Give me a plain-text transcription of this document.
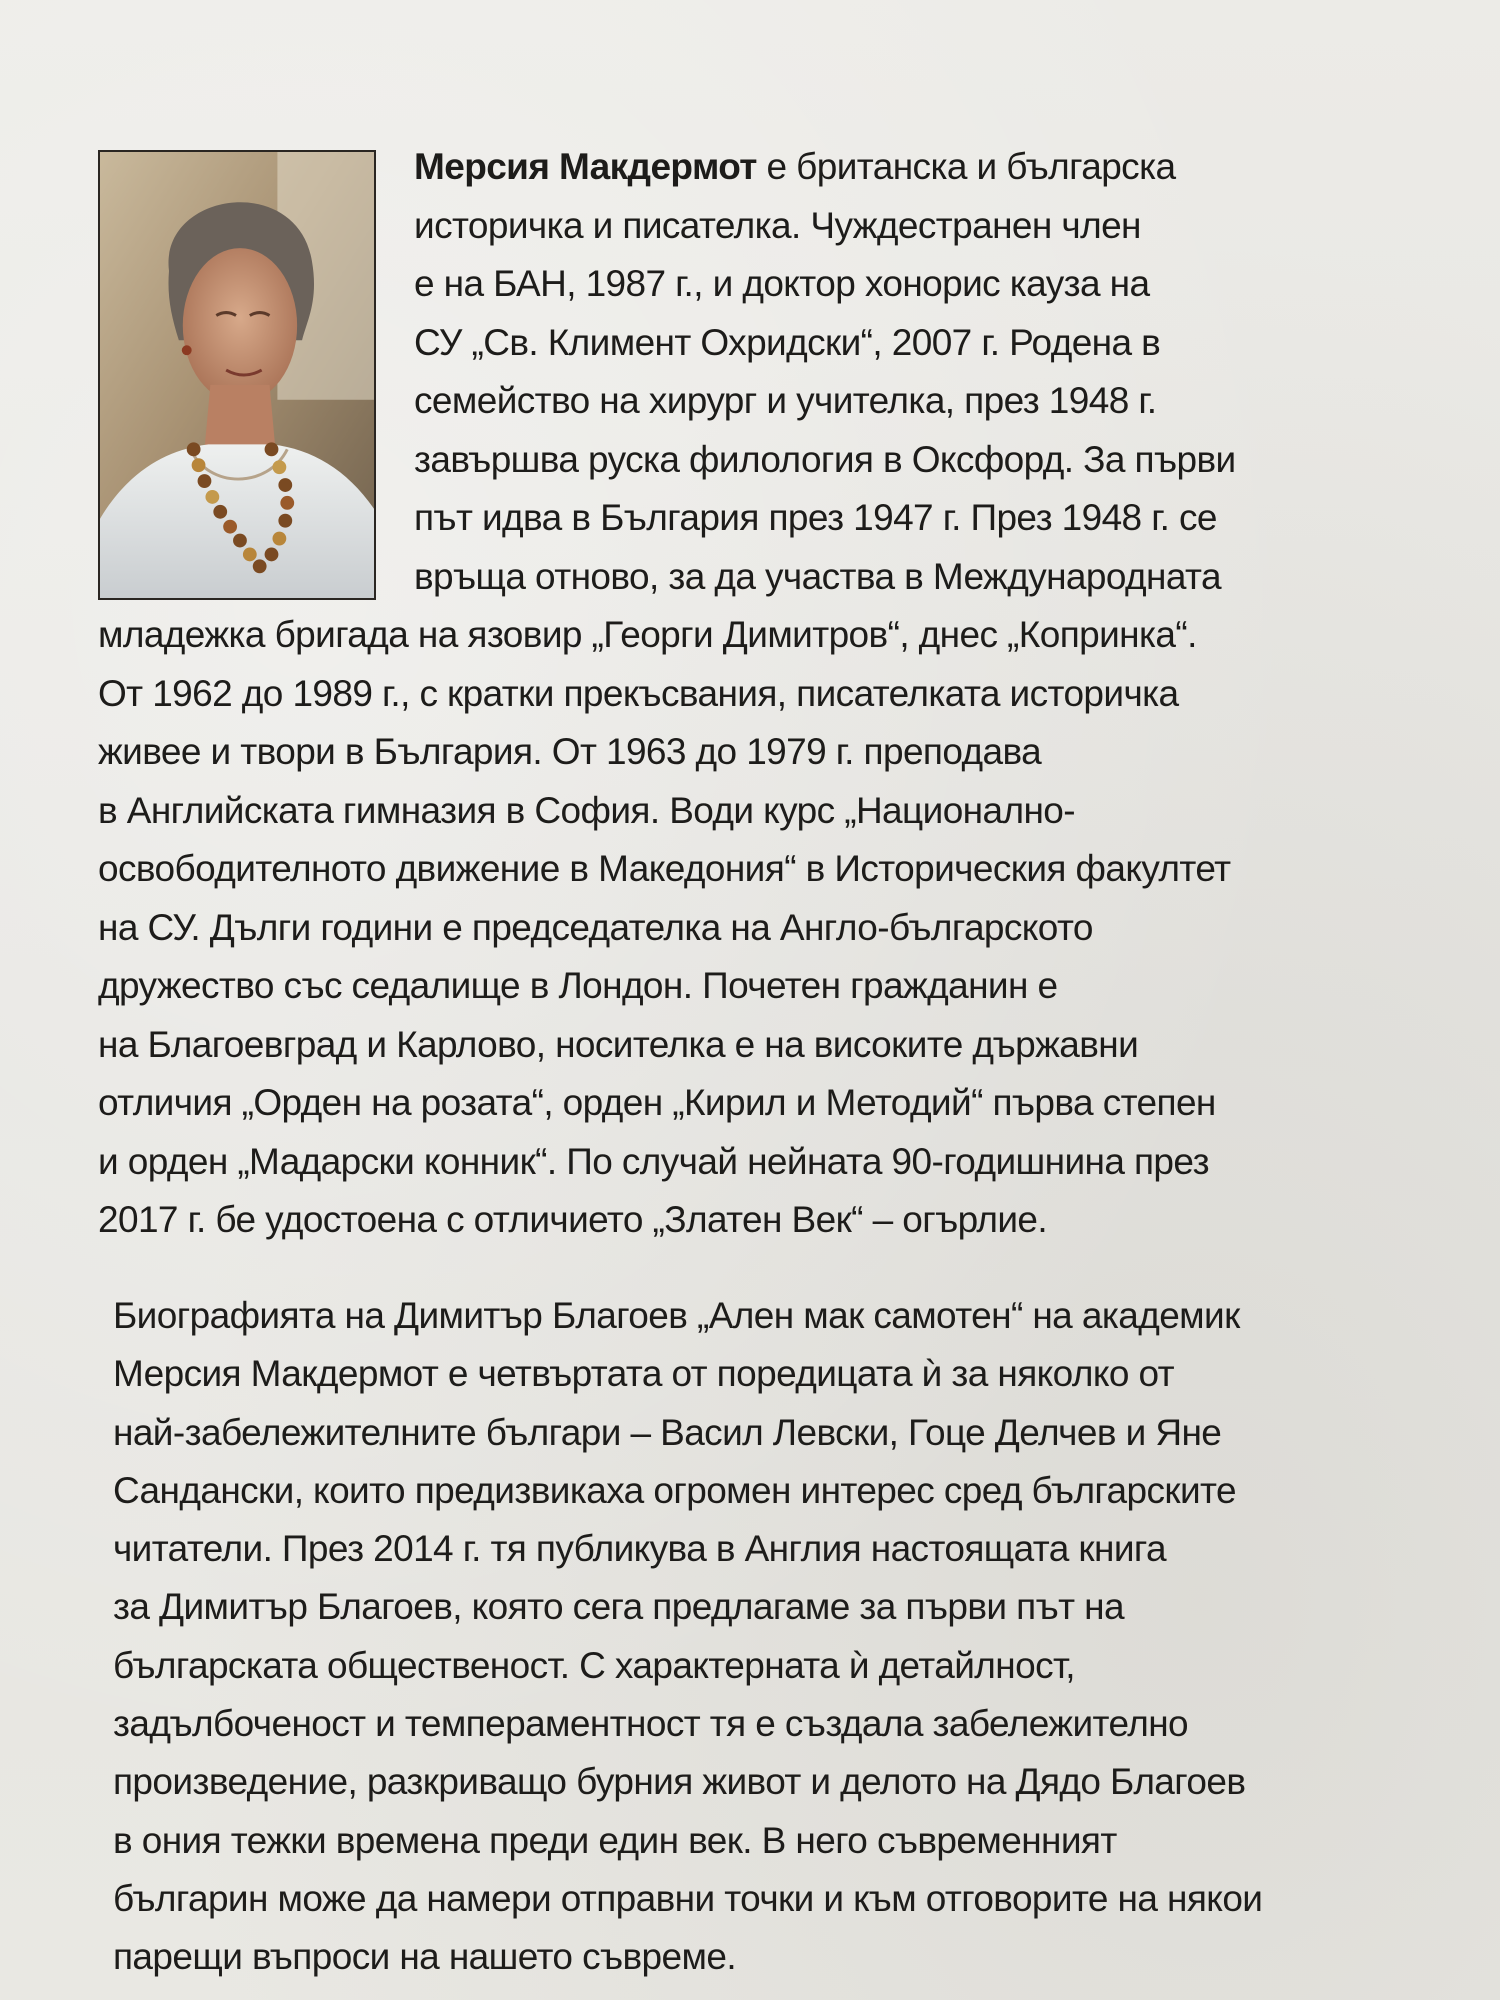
Мерсия Макдермот е британска и българска
историчка и писателка. Чуждестранен член
е на БАН, 1987 г., и доктор хонорис кауза на
СУ „Св. Климент Охридски“, 2007 г. Родена в
семейство на хирург и учителка, през 1948 г.
завършва руска филология в Оксфорд. За първи
път идва в България през 1947 г. През 1948 г. се
връща отново, за да участва в Международната
младежка бригада на язовир „Георги Димитров“, днес „Копринка“.
От 1962 до 1989 г., с кратки прекъсвания, писателката историчка
живее и твори в България. От 1963 до 1979 г. преподава
в Английската гимназия в София. Води курс „Национално-
освободителното движение в Македония“ в Историческия факултет
на СУ. Дълги години е председателка на Англо-българското
дружество със седалище в Лондон. Почетен гражданин е
на Благоевград и Карлово, носителка е на високите държавни
отличия „Орден на розата“, орден „Кирил и Методий“ първа степен
и орден „Мадарски конник“. По случай нейната 90-годишнина през
2017 г. бе удостоена с отличието „Златен Век“ – огърлие.
Биографията на Димитър Благоев „Ален мак самотен“ на академик
Мерсия Макдермот е четвъртата от поредицата ѝ за няколко от
най-забележителните българи – Васил Левски, Гоце Делчев и Яне
Сандански, които предизвикаха огромен интерес сред българските
читатели. През 2014 г. тя публикува в Англия настоящата книга
за Димитър Благоев, която сега предлагаме за първи път на
българската общественост. С характерната ѝ детайлност,
задълбоченост и темпераментност тя е създала забележително
произведение, разкриващо бурния живот и делото на Дядо Благоев
в ония тежки времена преди един век. В него съвременният
българин може да намери отправни точки и към отговорите на някои
парещи въпроси на нашето съвреме.
